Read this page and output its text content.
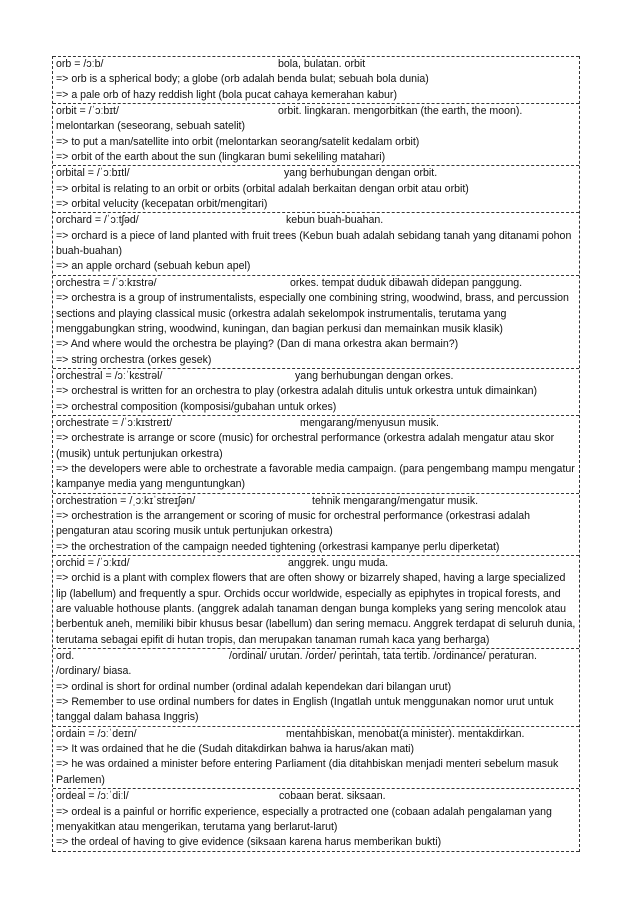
orb = /ɔːb/	bola, bulatan. orbit
=> orb is a spherical body; a globe (orb adalah benda bulat; sebuah bola dunia)
=> a pale orb of hazy reddish light (bola pucat cahaya kemerahan kabur)
orbit = /ˈɔːbɪt/	orbit. lingkaran. mengorbitkan (the earth, the moon).
melontarkan (seseorang, sebuah satelit)
=> to put a man/satellite into orbit (melontarkan seorang/satelit kedalam orbit)
=> orbit of the earth about the sun (lingkaran bumi sekeliling matahari)
orbital = /ˈɔːbɪtl/	yang berhubungan dengan orbit.
=> orbital is relating to an orbit or orbits (orbital adalah berkaitan dengan orbit atau orbit)
=> orbital velucity (kecepatan orbit/mengitari)
orchard = /ˈɔːtʃəd/	kebun buah-buahan.
=> orchard is a piece of land planted with fruit trees (Kebun buah adalah sebidang tanah yang ditanami pohon buah-buahan)
=> an apple orchard (sebuah kebun apel)
orchestra = /ˈɔːkɪstrə/	orkes. tempat duduk dibawah didepan panggung.
=> orchestra is a group of instrumentalists, especially one combining string, woodwind, brass, and percussion sections and playing classical music (orkestra adalah sekelompok instrumentalis, terutama yang menggabungkan string, woodwind, kuningan, dan bagian perkusi dan memainkan musik klasik)
=> And where would the orchestra be playing? (Dan di mana orkestra akan bermain?)
=> string orchestra (orkes gesek)
orchestral = /ɔːˈkɛstrəl/	yang berhubungan dengan orkes.
=> orchestral is written for an orchestra to play (orkestra adalah ditulis untuk orkestra untuk dimainkan)
=> orchestral composition (komposisi/gubahan untuk orkes)
orchestrate = /ˈɔːkɪstreɪt/	mengarang/menyusun musik.
=> orchestrate is arrange or score (music) for orchestral performance (orkestra adalah mengatur atau skor (musik) untuk pertunjukan orkestra)
=> the developers were able to orchestrate a favorable media campaign. (para pengembang mampu mengatur kampanye media yang menguntungkan)
orchestration = /ˌɔːkɪˈstreɪʃən/	tehnik mengarang/mengatur musik.
=> orchestration is the arrangement or scoring of music for orchestral performance (orkestrasi adalah pengaturan atau scoring musik untuk pertunjukan orkestra)
=> the orchestration of the campaign needed tightening (orkestrasi kampanye perlu diperketat)
orchid = /ˈɔːkɪd/	anggrek. ungu muda.
=> orchid is a plant with complex flowers that are often showy or bizarrely shaped, having a large specialized lip (labellum) and frequently a spur. Orchids occur worldwide, especially as epiphytes in tropical forests, and are valuable hothouse plants. (anggrek adalah tanaman dengan bunga kompleks yang sering mencolok atau berbentuk aneh, memiliki bibir khusus besar (labellum) dan sering memacu. Anggrek terdapat di seluruh dunia, terutama sebagai epifit di hutan tropis, dan merupakan tanaman rumah kaca yang berharga)
ord.	/ordinal/ urutan. /order/ perintah, tata tertib. /ordinance/ peraturan.
/ordinary/ biasa.
=> ordinal is short for ordinal number (ordinal adalah kependekan dari bilangan urut)
=> Remember to use ordinal numbers for dates in English (Ingatlah untuk menggunakan nomor urut untuk tanggal dalam bahasa Inggris)
ordain = /ɔːˈdeɪn/	mentahbiskan, menobat(a minister). mentakdirkan.
=> It was ordained that he die (Sudah ditakdirkan bahwa ia harus/akan mati)
=> he was ordained a minister before entering Parliament (dia ditahbiskan menjadi menteri sebelum masuk Parlemen)
ordeal = /ɔːˈdiːl/	cobaan berat. siksaan.
=> ordeal is a painful or horrific experience, especially a protracted one (cobaan adalah pengalaman yang menyakitkan atau mengerikan, terutama yang berlarut-larut)
=> the ordeal of having to give evidence (siksaan karena harus memberikan bukti)
